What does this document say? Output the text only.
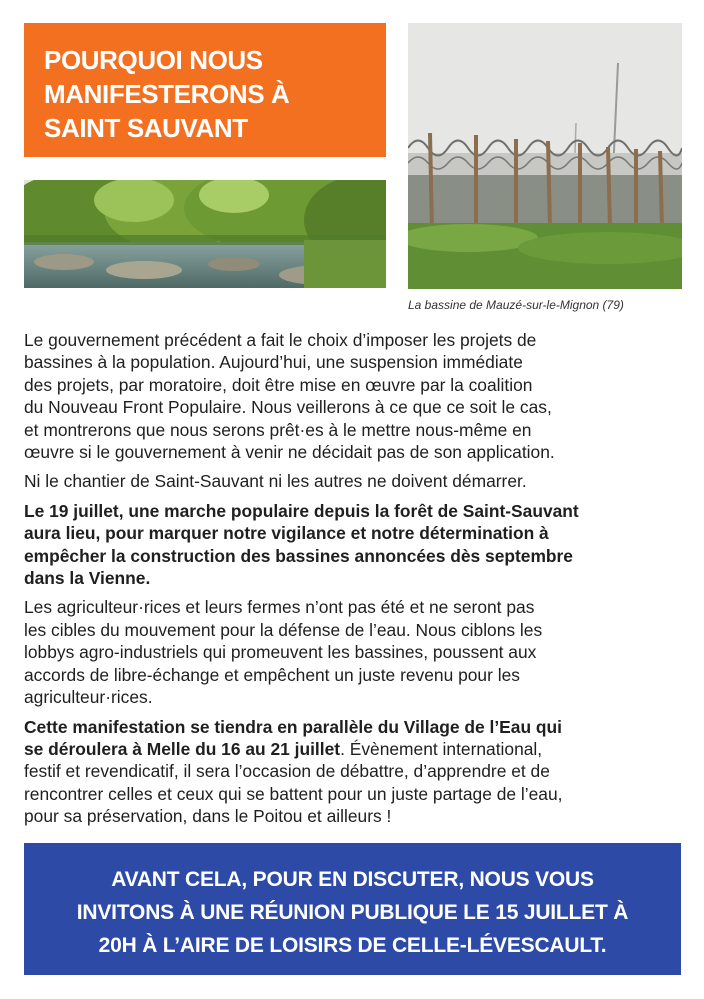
POURQUOI NOUS
MANIFESTERONS À
SAINT SAUVANT
La bassine de Mauzé-sur-le-Mignon (79)

Le gouvernement précédent a fait le choix d’imposer les projets de
bassines à la population. Aujourd’hui, une suspension immédiate
des projets, par moratoire, doit être mise en œuvre par la coalition
du Nouveau Front Populaire. Nous veillerons à ce que ce soit le cas,
et montrerons que nous serons prêt·es à le mettre nous-même en
œuvre si le gouvernement à venir ne décidait pas de son application.

Ni le chantier de Saint-Sauvant ni les autres ne doivent démarrer.

Le 19 juillet, une marche populaire depuis la forêt de Saint-Sauvant
aura lieu, pour marquer notre vigilance et notre détermination à
empêcher la construction des bassines annoncées dès septembre
dans la Vienne.

Les agriculteur·rices et leurs fermes n’ont pas été et ne seront pas
les cibles du mouvement pour la défense de l’eau. Nous ciblons les
lobbys agro-industriels qui promeuvent les bassines, poussent aux
accords de libre-échange et empêchent un juste revenu pour les
agriculteur·rices.

Cette manifestation se tiendra en parallèle du Village de l’Eau qui
se déroulera à Melle du 16 au 21 juillet. Évènement international,
festif et revendicatif, il sera l’occasion de débattre, d’apprendre et de
rencontrer celles et ceux qui se battent pour un juste partage de l’eau,
pour sa préservation, dans le Poitou et ailleurs !

AVANT CELA, POUR EN DISCUTER, NOUS VOUS
INVITONS À UNE RÉUNION PUBLIQUE LE 15 JUILLET À
20H À L’AIRE DE LOISIRS DE CELLE-LÉVESCAULT.
